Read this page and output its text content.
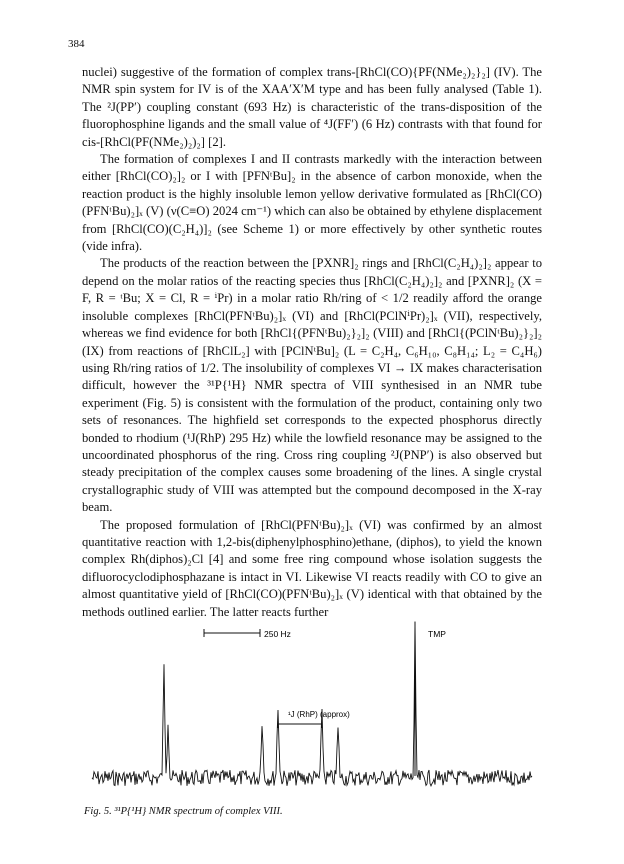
384

nuclei) suggestive of the formation of complex trans-[RhCl(CO){PF(NMe₂)₂}₂] (IV). The NMR spin system for IV is of the XAA′X′M type and has been fully analysed (Table 1). The ²J(PP′) coupling constant (693 Hz) is characteristic of the trans-disposition of the fluorophosphine ligands and the small value of ⁴J(FF′) (6 Hz) contrasts with that found for cis-[RhCl(PF(NMe₂)₂)₂] [2].

The formation of complexes I and II contrasts markedly with the interaction between either [RhCl(CO)₂]₂ or I with [PFNᵗBu]₂ in the absence of carbon monoxide, when the reaction product is the highly insoluble lemon yellow derivative formulated as [RhCl(CO)(PFNᵗBu)₂]ₓ (V) (ν(C≡O) 2024 cm⁻¹) which can also be obtained by ethylene displacement from [RhCl(CO)(C₂H₄)]₂ (see Scheme 1) or more effectively by other synthetic routes (vide infra).

The products of the reaction between the [PXNR]₂ rings and [RhCl(C₂H₄)₂]₂ appear to depend on the molar ratios of the reacting species thus [RhCl(C₂H₄)₂]₂ and [PXNR]₂ (X = F, R = ᵗBu; X = Cl, R = ⁱPr) in a molar ratio Rh/ring of < 1/2 readily afford the orange insoluble complexes [RhCl(PFNᵗBu)₂]ₓ (VI) and [RhCl(PClNⁱPr)₂]ₓ (VII), respectively, whereas we find evidence for both [RhCl{(PFNᵗBu)₂}₂]₂ (VIII) and [RhCl{(PClNᵗBu)₂}₂]₂ (IX) from reactions of [RhClL₂] with [PClNᵗBu]₂ (L = C₂H₄, C₆H₁₀, C₈H₁₄; L₂ = C₄H₆) using Rh/ring ratios of 1/2. The insolubility of complexes VI → IX makes characterisation difficult, however the ³¹P{¹H} NMR spectra of VIII synthesised in an NMR tube experiment (Fig. 5) is consistent with the formulation of the product, containing only two sets of resonances. The highfield set corresponds to the expected phosphorus directly bonded to rhodium (¹J(RhP) 295 Hz) while the lowfield resonance may be assigned to the uncoordinated phosphorus of the ring. Cross ring coupling ²J(PNP′) is also observed but steady precipitation of the complex causes some broadening of the lines. A single crystal crystallographic study of VIII was attempted but the compound decomposed in the X-ray beam.

The proposed formulation of [RhCl(PFNᵗBu)₂]ₓ (VI) was confirmed by an almost quantitative reaction with 1,2-bis(diphenylphosphino)ethane, (diphos), to yield the known complex Rh(diphos)₂Cl [4] and some free ring compound whose isolation suggests the difluorocyclodiphosphazane is intact in VI. Likewise VI reacts readily with CO to give an almost quantitative yield of [RhCl(CO)(PFNᵗBu)₂]ₓ (V) identical with that obtained by the methods outlined earlier. The latter reacts further

250 Hz	TMP
¹J (RhP) (approx)
Fig. 5. ³¹P{¹H} NMR spectrum of complex VIII.
